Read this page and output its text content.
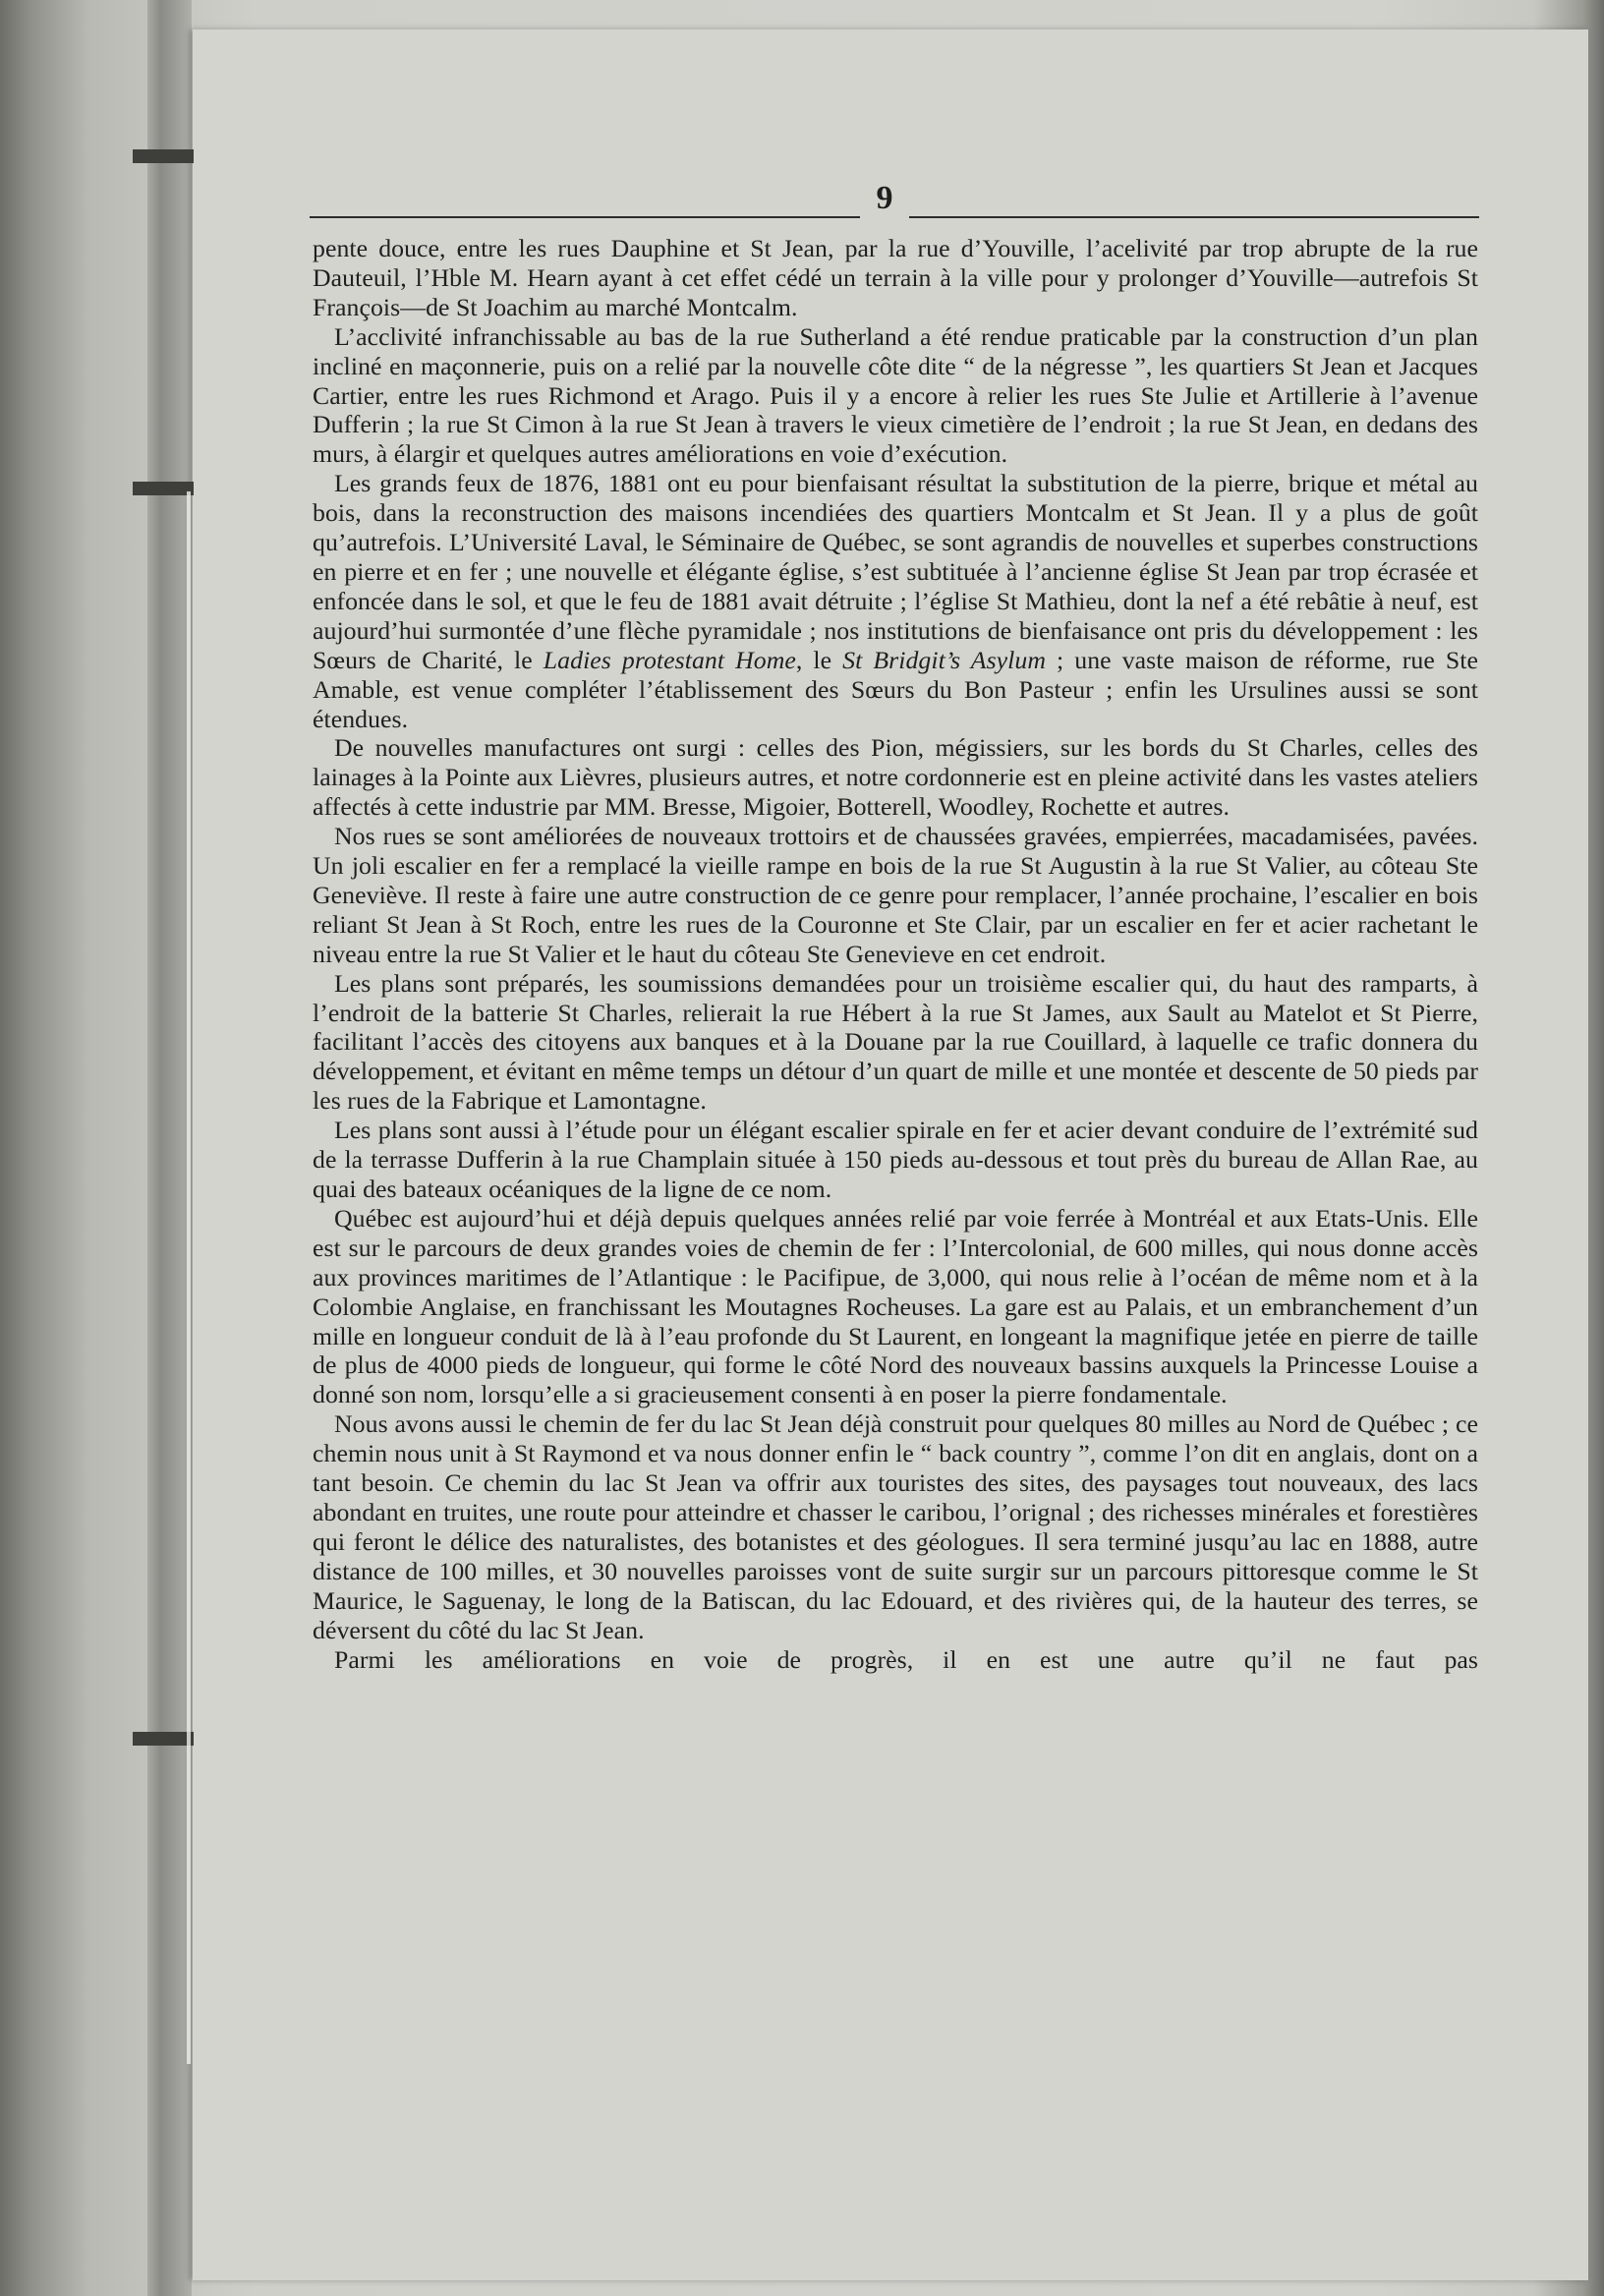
9

pente douce, entre les rues Dauphine et St Jean, par la rue d’Youville, l’acelivité par trop abrupte de la rue Dauteuil, l’Hble M. Hearn ayant à cet effet cédé un terrain à la ville pour y prolonger d’Youville—autrefois St François—de St Joachim au marché Montcalm.

L’acclivité infranchissable au bas de la rue Sutherland a été rendue praticable par la construction d’un plan incliné en maçonnerie, puis on a relié par la nouvelle côte dite “ de la négresse ”, les quartiers St Jean et Jacques Cartier, entre les rues Richmond et Arago. Puis il y a encore à relier les rues Ste Julie et Artillerie à l’avenue Dufferin ; la rue St Cimon à la rue St Jean à travers le vieux cimetière de l’endroit ; la rue St Jean, en dedans des murs, à élargir et quelques autres améliorations en voie d’exécution.

Les grands feux de 1876, 1881 ont eu pour bienfaisant résultat la substitution de la pierre, brique et métal au bois, dans la reconstruction des maisons incendiées des quartiers Montcalm et St Jean. Il y a plus de goût qu’autrefois. L’Université Laval, le Séminaire de Québec, se sont agrandis de nouvelles et superbes constructions en pierre et en fer ; une nouvelle et élégante église, s’est subtituée à l’ancienne église St Jean par trop écrasée et enfoncée dans le sol, et que le feu de 1881 avait détruite ; l’église St Mathieu, dont la nef a été rebâtie à neuf, est aujourd’hui surmontée d’une flèche pyramidale ; nos institutions de bienfaisance ont pris du développement : les Sœurs de Charité, le Ladies protestant Home, le St Bridgit’s Asylum ; une vaste maison de réforme, rue Ste Amable, est venue compléter l’établissement des Sœurs du Bon Pasteur ; enfin les Ursulines aussi se sont étendues.

De nouvelles manufactures ont surgi : celles des Pion, mégissiers, sur les bords du St Charles, celles des lainages à la Pointe aux Lièvres, plusieurs autres, et notre cordonnerie est en pleine activité dans les vastes ateliers affectés à cette industrie par MM. Bresse, Migoier, Botterell, Woodley, Rochette et autres.

Nos rues se sont améliorées de nouveaux trottoirs et de chaussées gravées, empierrées, macadamisées, pavées. Un joli escalier en fer a remplacé la vieille rampe en bois de la rue St Augustin à la rue St Valier, au côteau Ste Geneviève. Il reste à faire une autre construction de ce genre pour remplacer, l’année prochaine, l’escalier en bois reliant St Jean à St Roch, entre les rues de la Couronne et Ste Clair, par un escalier en fer et acier rachetant le niveau entre la rue St Valier et le haut du côteau Ste Genevieve en cet endroit.

Les plans sont préparés, les soumissions demandées pour un troisième escalier qui, du haut des ramparts, à l’endroit de la batterie St Charles, relierait la rue Hébert à la rue St James, aux Sault au Matelot et St Pierre, facilitant l’accès des citoyens aux banques et à la Douane par la rue Couillard, à laquelle ce trafic donnera du développement, et évitant en même temps un détour d’un quart de mille et une montée et descente de 50 pieds par les rues de la Fabrique et Lamontagne.

Les plans sont aussi à l’étude pour un élégant escalier spirale en fer et acier devant conduire de l’extrémité sud de la terrasse Dufferin à la rue Champlain située à 150 pieds au-dessous et tout près du bureau de Allan Rae, au quai des bateaux océaniques de la ligne de ce nom.

Québec est aujourd’hui et déjà depuis quelques années relié par voie ferrée à Montréal et aux Etats-Unis. Elle est sur le parcours de deux grandes voies de chemin de fer : l’Intercolonial, de 600 milles, qui nous donne accès aux provinces maritimes de l’Atlantique : le Pacifipue, de 3,000, qui nous relie à l’océan de même nom et à la Colombie Anglaise, en franchissant les Moutagnes Rocheuses. La gare est au Palais, et un embranchement d’un mille en longueur conduit de là à l’eau profonde du St Laurent, en longeant la magnifique jetée en pierre de taille de plus de 4000 pieds de longueur, qui forme le côté Nord des nouveaux bassins auxquels la Princesse Louise a donné son nom, lorsqu’elle a si gracieusement consenti à en poser la pierre fondamentale.

Nous avons aussi le chemin de fer du lac St Jean déjà construit pour quelques 80 milles au Nord de Québec ; ce chemin nous unit à St Raymond et va nous donner enfin le “ back country ”, comme l’on dit en anglais, dont on a tant besoin. Ce chemin du lac St Jean va offrir aux touristes des sites, des paysages tout nouveaux, des lacs abondant en truites, une route pour atteindre et chasser le caribou, l’orignal ; des richesses minérales et forestières qui feront le délice des naturalistes, des botanistes et des géologues. Il sera terminé jusqu’au lac en 1888, autre distance de 100 milles, et 30 nouvelles paroisses vont de suite surgir sur un parcours pittoresque comme le St Maurice, le Saguenay, le long de la Batiscan, du lac Edouard, et des rivières qui, de la hauteur des terres, se déversent du côté du lac St Jean.

Parmi les améliorations en voie de progrès, il en est une autre qu’il ne faut pas
